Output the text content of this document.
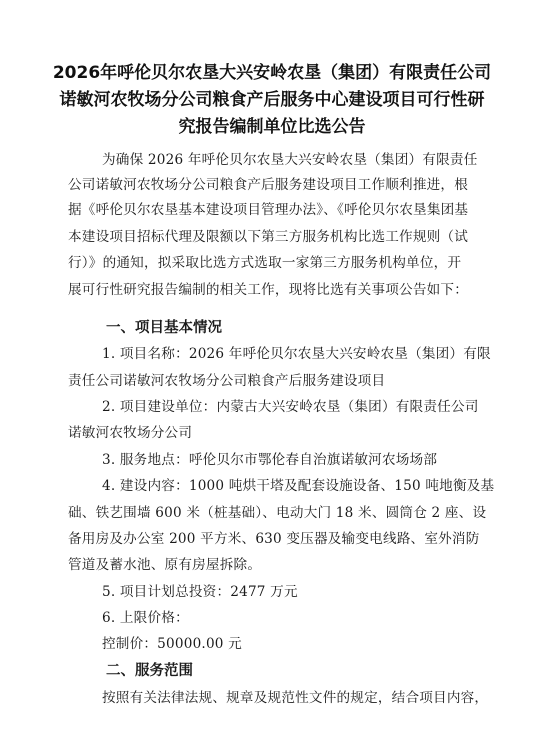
2026年呼伦贝尔农垦大兴安岭农垦（集团）有限责任公司
诺敏河农牧场分公司粮食产后服务中心建设项目可行性研
究报告编制单位比选公告
为确保 2026 年呼伦贝尔农垦大兴安岭农垦（集团）有限责任
公司诺敏河农牧场分公司粮食产后服务建设项目工作顺利推进，根
据《呼伦贝尔农垦基本建设项目管理办法》、《呼伦贝尔农垦集团基
本建设项目招标代理及限额以下第三方服务机构比选工作规则（试
行）》的通知，拟采取比选方式选取一家第三方服务机构单位，开
展可行性研究报告编制的相关工作，现将比选有关事项公告如下：
一、项目基本情况
1. 项目名称：2026 年呼伦贝尔农垦大兴安岭农垦（集团）有限
责任公司诺敏河农牧场分公司粮食产后服务建设项目
2. 项目建设单位：内蒙古大兴安岭农垦（集团）有限责任公司
诺敏河农牧场分公司
3. 服务地点：呼伦贝尔市鄂伦春自治旗诺敏河农场场部
4. 建设内容：1000 吨烘干塔及配套设施设备、150 吨地衡及基
础、铁艺围墙 600 米（桩基础）、电动大门 18 米、圆筒仓 2 座、设
备用房及办公室 200 平方米、630 变压器及输变电线路、室外消防
管道及蓄水池、原有房屋拆除。
5. 项目计划总投资：2477 万元
6. 上限价格：
控制价：50000.00 元
二、服务范围
按照有关法律法规、规章及规范性文件的规定，结合项目内容，
